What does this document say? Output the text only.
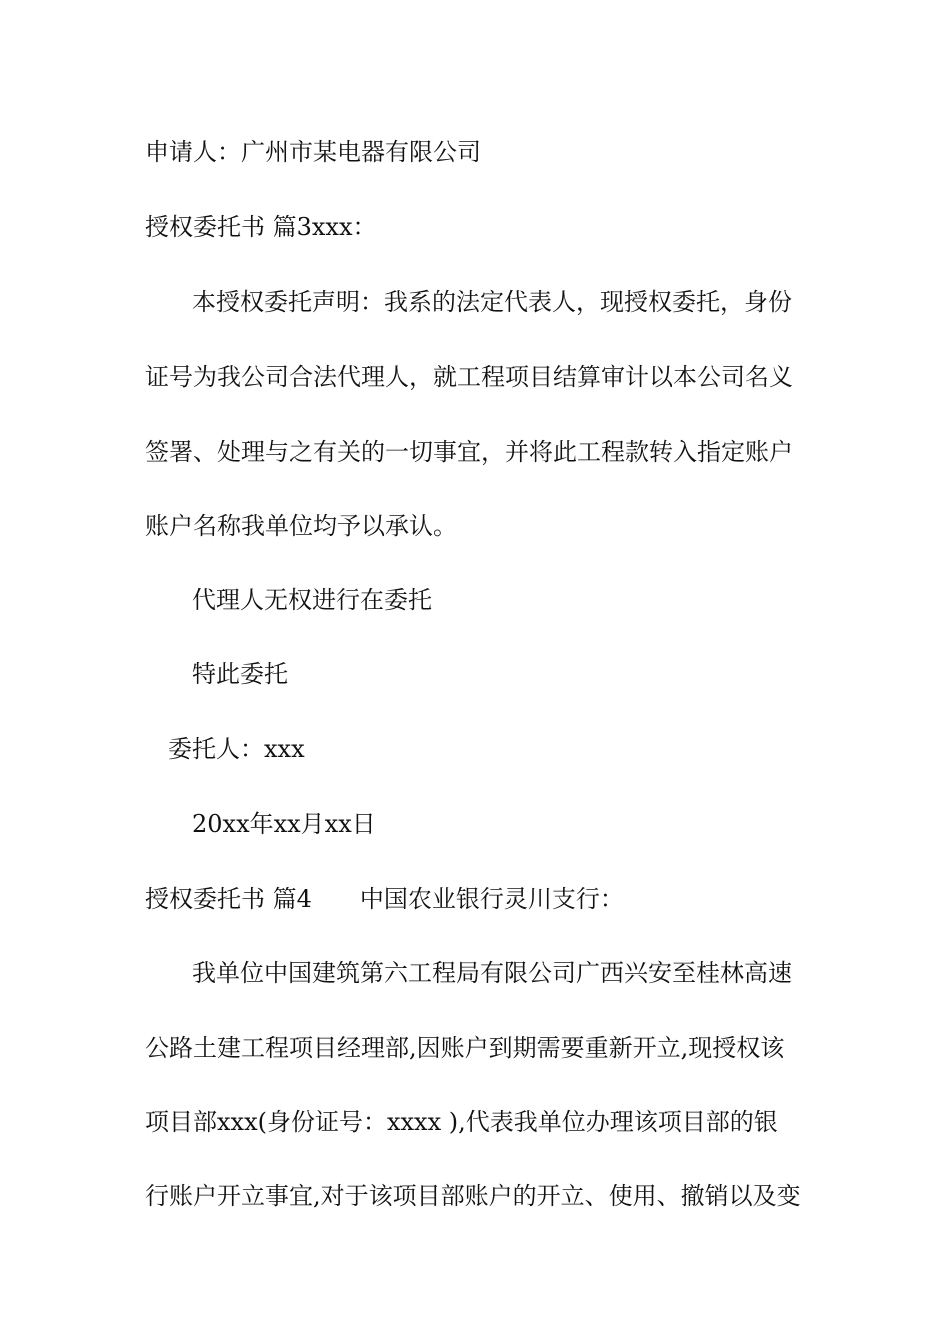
申请人：广州市某电器有限公司
授权委托书 篇3xxx：
本授权委托声明：我系的法定代表人，现授权委托，身份
证号为我公司合法代理人，就工程项目结算审计以本公司名义
签署、处理与之有关的一切事宜，并将此工程款转入指定账户
账户名称我单位均予以承认。
代理人无权进行在委托
特此委托
委托人：xxx
20xx年xx月xx日
授权委托书 篇4 中国农业银行灵川支行：
我单位中国建筑第六工程局有限公司广西兴安至桂林高速
公路土建工程项目经理部,因账户到期需要重新开立,现授权该
项目部xxx(身份证号：xxxx ),代表我单位办理该项目部的银
行账户开立事宜,对于该项目部账户的开立、使用、撤销以及变
